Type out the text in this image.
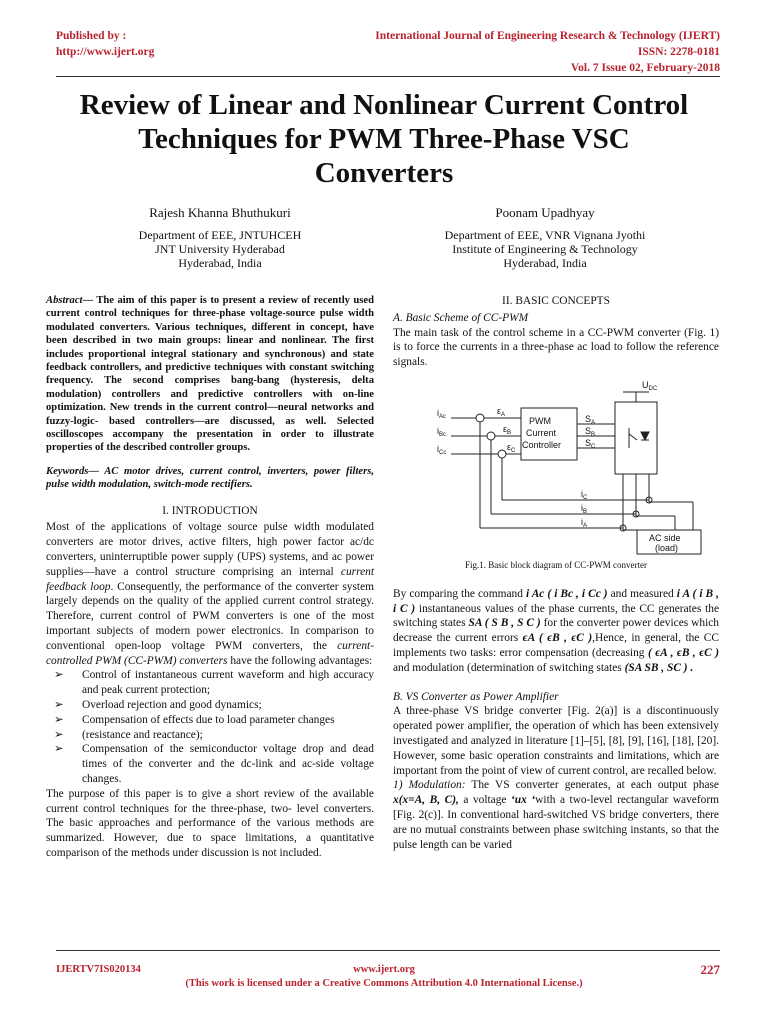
Published by :
http://www.ijert.org
International Journal of Engineering Research & Technology (IJERT)
ISSN: 2278-0181
Vol. 7 Issue 02, February-2018
Review of Linear and Nonlinear Current Control
Techniques for PWM Three-Phase VSC
Converters
Rajesh Khanna Bhuthukuri
Department of EEE, JNTUHCEH
JNT University Hyderabad
Hyderabad, India
Poonam Upadhyay
Department of EEE, VNR Vignana Jyothi
Institute of Engineering & Technology
Hyderabad, India

Abstract— The aim of this paper is to present a review of recently used current control techniques for three-phase voltage-source pulse width modulated converters. Various techniques, different in concept, have been described in two main groups: linear and nonlinear. The first includes proportional integral stationary and synchronous) and state feedback controllers, and predictive techniques with constant switching frequency. The second comprises bang-bang (hysteresis, delta modulation) controllers and predictive controllers with on-line optimization. New trends in the current control—neural networks and fuzzy-logic- based controllers—are discussed, as well. Selected oscilloscopes accompany the presentation in order to illustrate properties of the described controller groups.

Keywords— AC motor drives, current control, inverters, power filters, pulse width modulation, switch-mode rectifiers.

I. INTRODUCTION

Most of the applications of voltage source pulse width modulated converters are motor drives, active filters, high power factor ac/dc converters, uninterruptible power supply (UPS) systems, and ac power supplies—have a control structure comprising an internal current feedback loop. Consequently, the performance of the converter system largely depends on the quality of the applied current control strategy. Therefore, current control of PWM converters is one of the most important subjects of modern power electronics. In comparison to conventional open-loop voltage PWM converters, the current-controlled PWM (CC-PWM) converters have the following advantages:

➢ Control of instantaneous current waveform and high accuracy and peak current protection;
➢ Overload rejection and good dynamics;
➢ Compensation of effects due to load parameter changes
➢ (resistance and reactance);
➢ Compensation of the semiconductor voltage drop and dead times of the converter and the dc-link and ac-side voltage changes.

The purpose of this paper is to give a short review of the available current control techniques for the three-phase, two- level converters. The basic approaches and performance of the various methods are summarized. However, due to space limitations, a quantitative comparison of the methods under discussion is not included.

II. BASIC CONCEPTS
A. Basic Scheme of CC-PWM

The main task of the control scheme in a CC-PWM converter (Fig. 1) is to force the currents in a three-phase ac load to follow the reference signals.

$U_{DC}$
PWM
Current
Controller
$i_{Ac}$
$i_{Bc}$
$i_{Cc}$
$\varepsilon_A$
$\varepsilon_B$
$\varepsilon_C$
$S_A$
$S_B$
$S_C$
$i_C$
$i_B$
$i_A$
AC side
(load)
Fig.1. Basic block diagram of CC-PWM converter

By comparing the command i Ac ( i Bc , i Cc ) and measured i A ( i B , i C ) instantaneous values of the phase currents, the CC generates the switching states SA ( S B , S C ) for the converter power devices which decrease the current errors ϵA ( ϵB , ϵC ),Hence, in general, the CC implements two tasks: error compensation (decreasing ( ϵA , ϵB , ϵC ) and modulation (determination of switching states (SA SB , SC ) .

B. VS Converter as Power Amplifier

A three-phase VS bridge converter [Fig. 2(a)] is a discontinuously operated power amplifier, the operation of which has been extensively investigated and analyzed in literature [1]–[5], [8], [9], [16], [18], [20]. However, some basic operation constraints and limitations, which are important from the point of view of current control, are recalled below.

1) Modulation: The VS converter generates, at each output phase x(x=A, B, C), a voltage ‘ux ‘with a two-level rectangular waveform [Fig. 2(c)]. In conventional hard-switched VS bridge converters, there are no mutual constraints between phase switching instants, so that the pulse length can be varied

IJERTV7IS020134	www.ijert.org
(This work is licensed under a Creative Commons Attribution 4.0 International License.)
227
